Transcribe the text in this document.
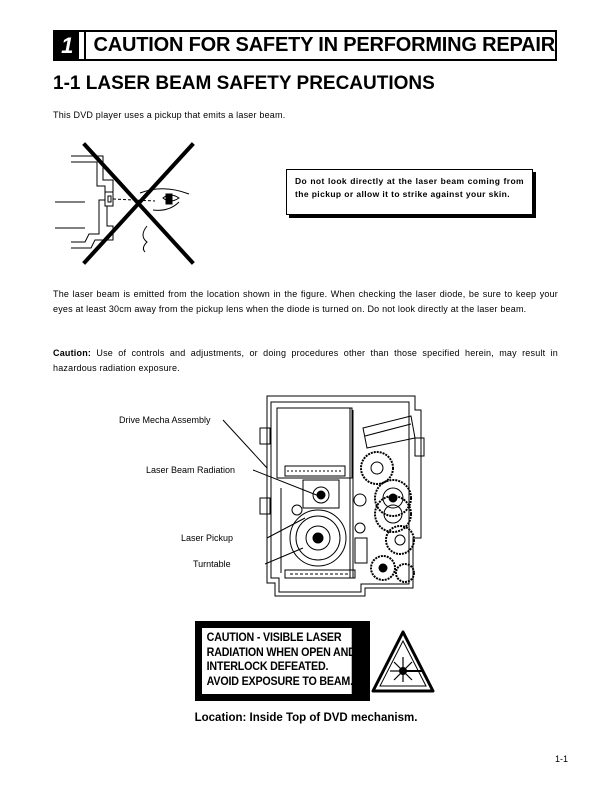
1	CAUTION FOR SAFETY IN PERFORMING REPAIR
1-1 LASER BEAM SAFETY PRECAUTIONS
This DVD player uses a pickup that emits a laser beam.
Do not look directly at the laser beam coming from the pickup or allow it to strike against your skin.
The laser beam is emitted from the location shown in the figure. When checking the laser diode, be sure to keep your eyes at least 30cm away from the pickup lens when the diode is turned on. Do not look directly at the laser beam.
Caution: Use of controls and adjustments, or doing procedures other than those specified herein, may result in hazardous radiation exposure.
Drive Mecha Assembly
Laser Beam Radiation
Laser Pickup
Turntable
CAUTION - VISIBLE LASER
RADIATION WHEN OPEN AND
INTERLOCK DEFEATED.
AVOID EXPOSURE TO BEAM.
Location: Inside Top of DVD mechanism.
1-1
